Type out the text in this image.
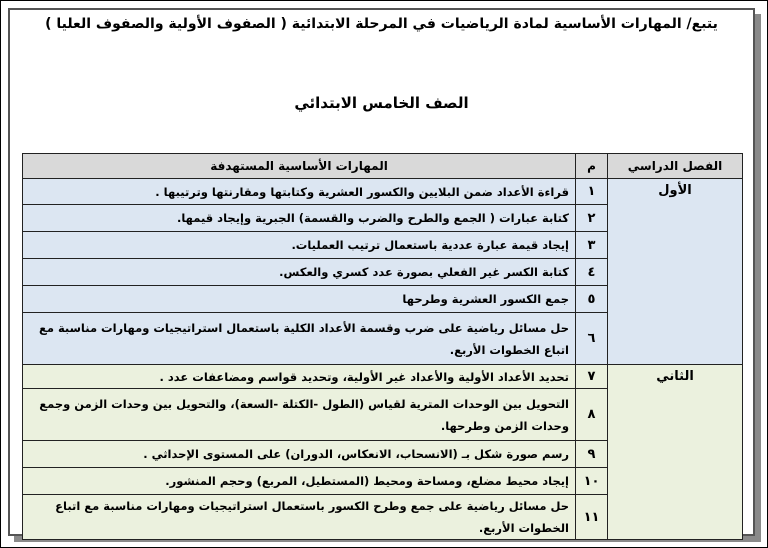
يتبع/ المهارات الأساسية لمادة الرياضيات في المرحلة الابتدائية ( الصفوف الأولية والصفوف العليا )
الصف الخامس الابتدائي
الفصل الدراسي	م	المهارات الأساسية المستهدفة
الأول	١	قراءة الأعداد ضمن البلايين والكسور العشرية وكتابتها ومقارنتها وترتيبها .
	٢	كتابة عبارات ( الجمع والطرح والضرب والقسمة) الجبرية وإيجاد قيمها.
	٣	إيجاد قيمة عبارة عددية باستعمال ترتيب العمليات.
	٤	كتابة الكسر غير الفعلي بصورة عدد كسري والعكس.
	٥	جمع الكسور العشرية وطرحها
	٦	حل مسائل رياضية على ضرب وقسمة الأعداد الكلية باستعمال استراتيجيات ومهارات مناسبة مع اتباع الخطوات الأربع.
الثاني	٧	تحديد الأعداد الأولية والأعداد غير الأولية، وتحديد قواسم ومضاعفات عدد .
	٨	التحويل بين الوحدات المترية لقياس (الطول -الكتلة -السعة)، والتحويل بين وحدات الزمن وجمع وحدات الزمن وطرحها.
	٩	رسم صورة شكل بـ (الانسحاب، الانعكاس، الدوران) على المستوى الإحداثي .
	١٠	إيجاد محيط مضلع، ومساحة ومحيط (المستطيل، المربع) وحجم المنشور.
	١١	حل مسائل رياضية على جمع وطرح الكسور باستعمال استراتيجيات ومهارات مناسبة مع اتباع الخطوات الأربع.
